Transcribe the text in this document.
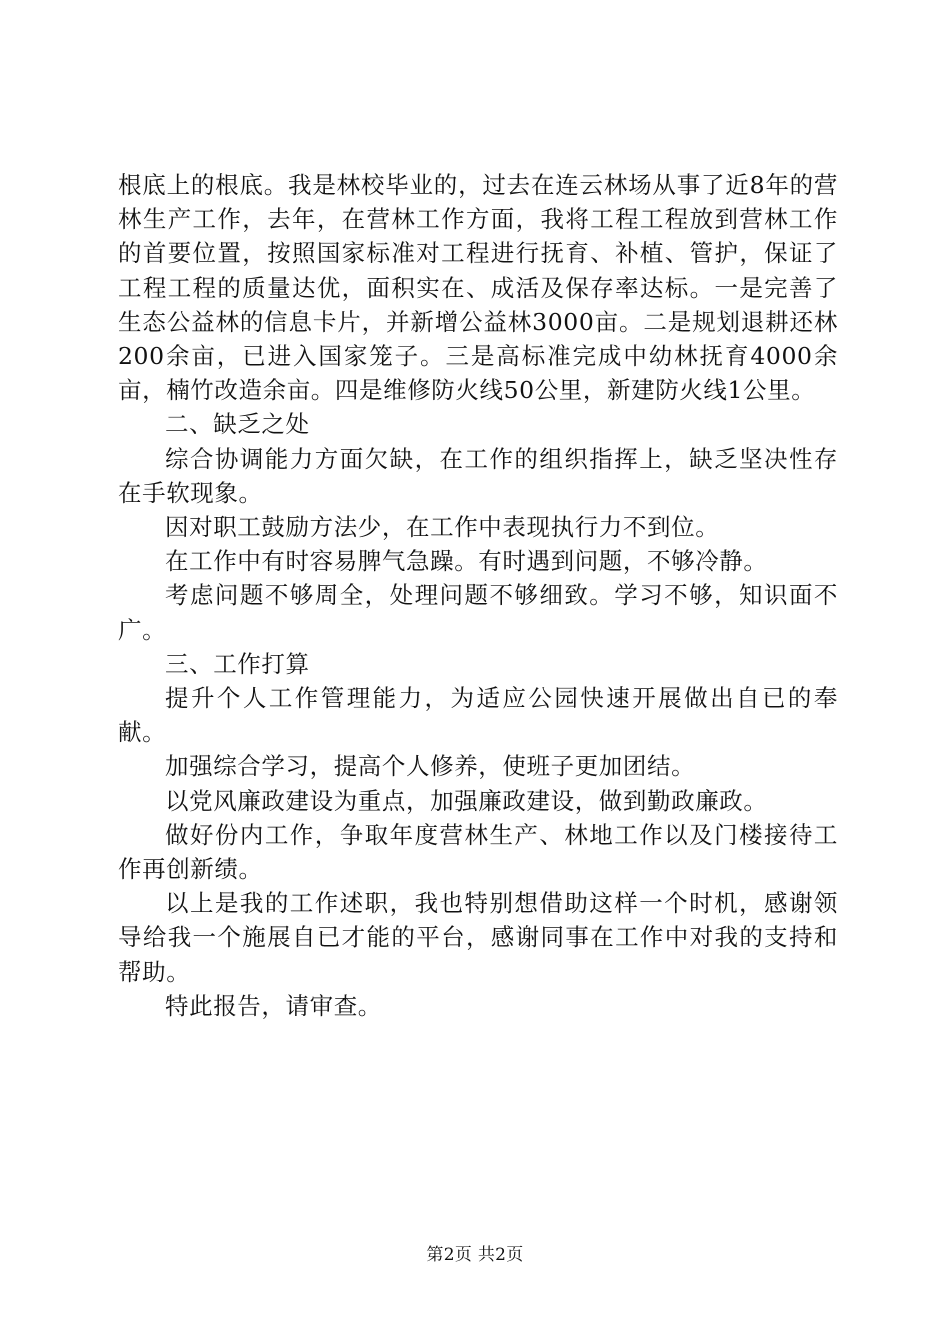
根底上的根底。我是林校毕业的，过去在连云林场从事了近8年的营林生产工作，去年，在营林工作方面，我将工程工程放到营林工作的首要位置，按照国家标准对工程进行抚育、补植、管护，保证了工程工程的质量达优，面积实在、成活及保存率达标。一是完善了生态公益林的信息卡片，并新增公益林3000亩。二是规划退耕还林200余亩，已进入国家笼子。三是高标准完成中幼林抚育4000余亩，楠竹改造余亩。四是维修防火线50公里，新建防火线1公里。

二、缺乏之处

综合协调能力方面欠缺，在工作的组织指挥上，缺乏坚决性存在手软现象。

因对职工鼓励方法少，在工作中表现执行力不到位。

在工作中有时容易脾气急躁。有时遇到问题，不够冷静。

考虑问题不够周全，处理问题不够细致。学习不够，知识面不广。

三、工作打算

提升个人工作管理能力，为适应公园快速开展做出自已的奉献。

加强综合学习，提高个人修养，使班子更加团结。

以党风廉政建设为重点，加强廉政建设，做到勤政廉政。

做好份内工作，争取年度营林生产、林地工作以及门楼接待工作再创新绩。

以上是我的工作述职，我也特别想借助这样一个时机，感谢领导给我一个施展自已才能的平台，感谢同事在工作中对我的支持和帮助。

特此报告，请审查。

第2页 共2页
